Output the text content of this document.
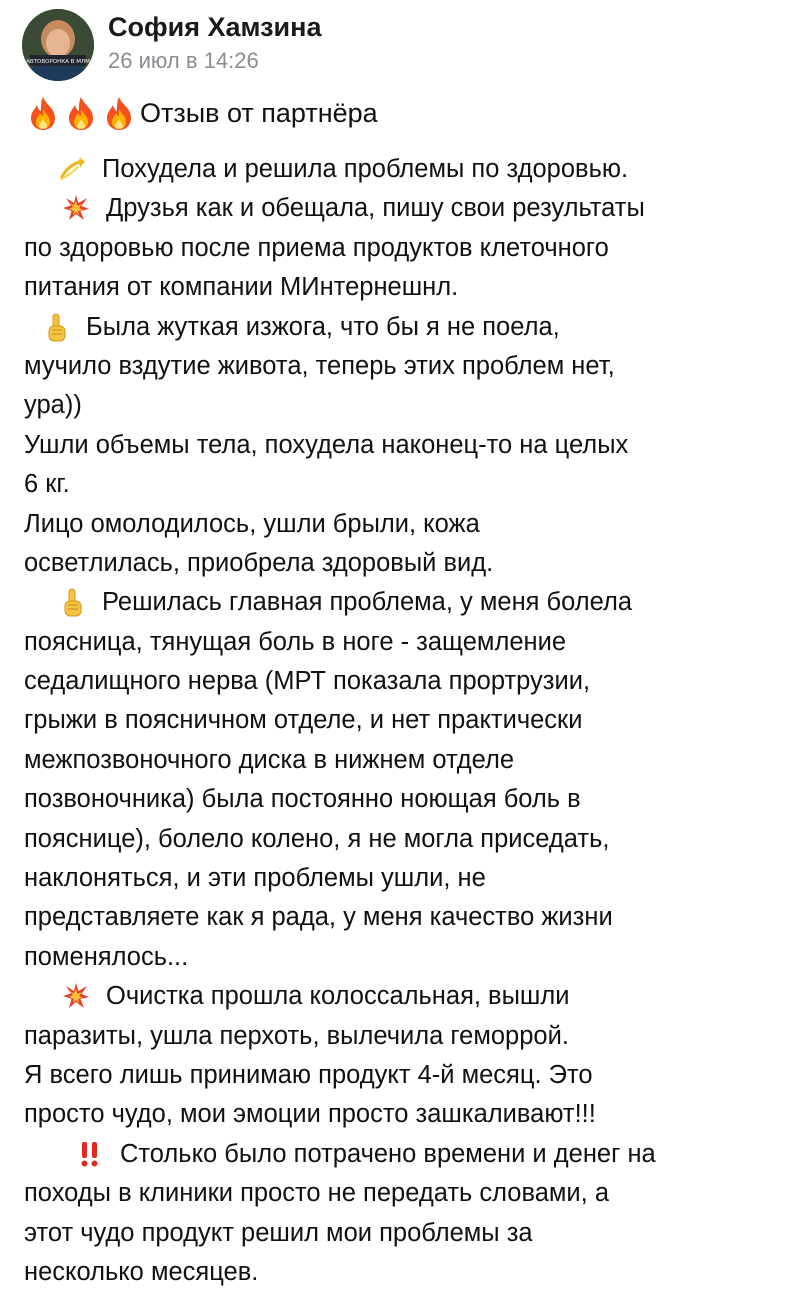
АВТОВОРОНКА В МЛМ
София Хамзина
26 июл в 14:26
Отзыв от партнёра
Похудела и решила проблемы по здоровью.
Друзья как и обещала, пишу свои результаты
по здоровью после приема продуктов клеточного
питания от компании МИнтернешнл.
Была жуткая изжога, что бы я не поела,
мучило вздутие живота, теперь этих проблем нет,
ура))
Ушли объемы тела, похудела наконец-то на целых
6 кг.
Лицо омолодилось, ушли брыли, кожа
осветлилась, приобрела здоровый вид.
Решилась главная проблема, у меня болела
поясница, тянущая боль в ноге - защемление
седалищного нерва (МРТ показала прортрузии,
грыжи в поясничном отделе, и нет практически
межпозвоночного диска в нижнем отделе
позвоночника) была постоянно ноющая боль в
пояснице), болело колено, я не могла приседать,
наклоняться, и эти проблемы ушли, не
представляете как я рада, у меня качество жизни
поменялось...
Очистка прошла колоссальная, вышли
паразиты, ушла перхоть, вылечила геморрой.
Я всего лишь принимаю продукт 4-й месяц. Это
просто чудо, мои эмоции просто зашкаливают!!!
Столько было потрачено времени и денег на
походы в клиники просто не передать словами, а
этот чудо продукт решил мои проблемы за
несколько месяцев.
